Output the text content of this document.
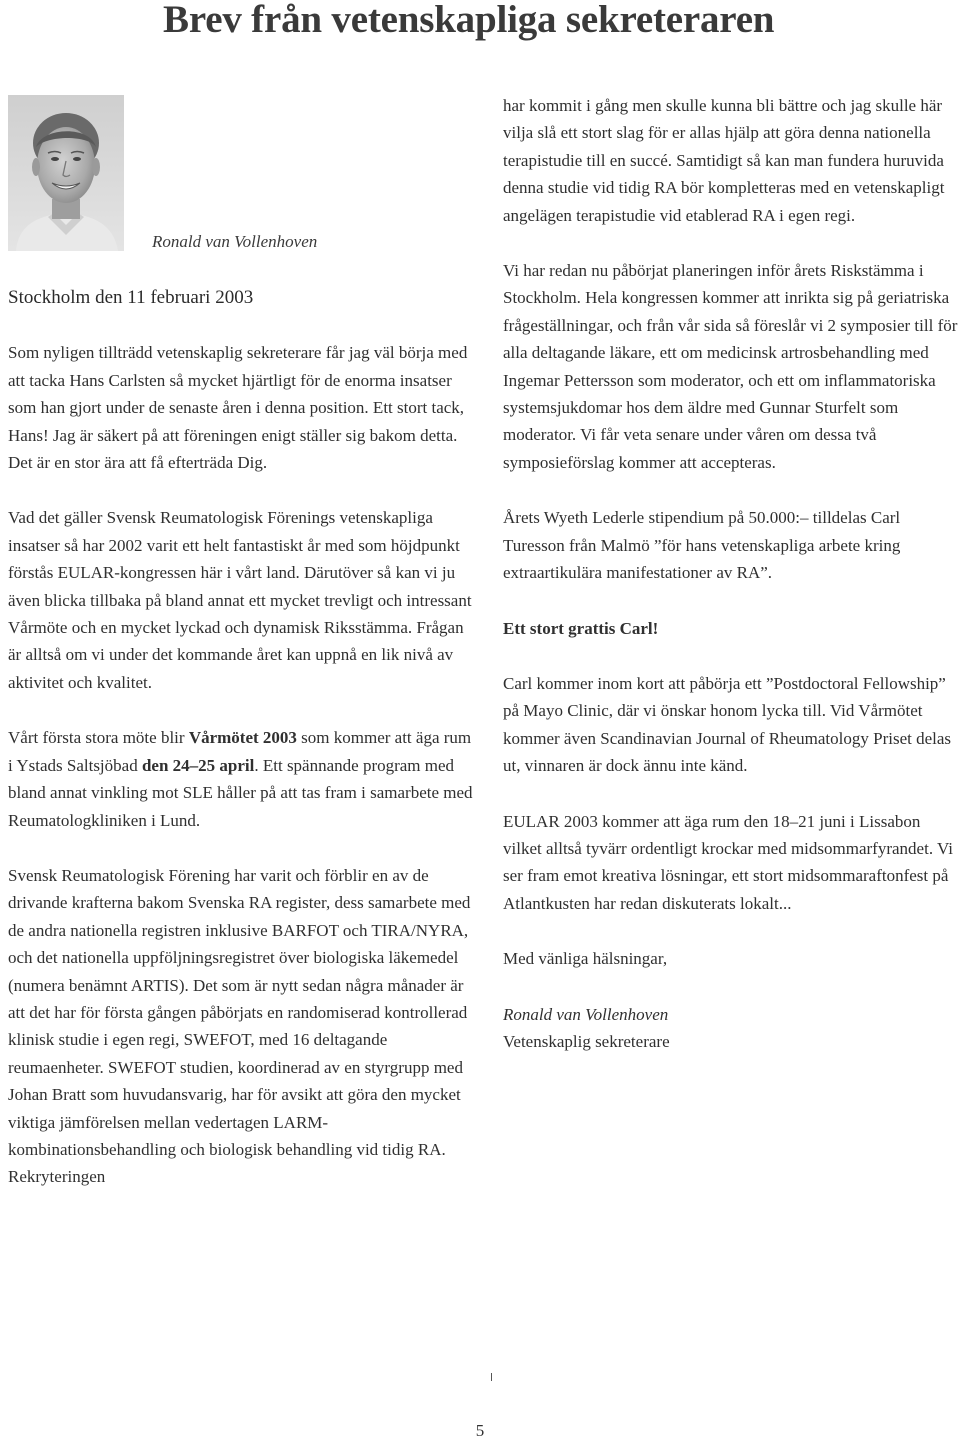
Brev från vetenskapliga sekreteraren
Ronald van Vollenhoven

Stockholm den 11 februari 2003

Som nyligen tillträdd vetenskaplig sekreterare får jag väl börja med att tacka Hans Carlsten så mycket hjärtligt för de enorma insatser som han gjort under de senaste åren i denna position. Ett stort tack, Hans! Jag är säkert på att föreningen enigt ställer sig bakom detta. Det är en stor ära att få efterträda Dig.

Vad det gäller Svensk Reumatologisk Förenings vetenskapliga insatser så har 2002 varit ett helt fantastiskt år med som höjdpunkt förstås EULAR-kongressen här i vårt land. Därutöver så kan vi ju även blicka tillbaka på bland annat ett mycket trevligt och intressant Vårmöte och en mycket lyckad och dynamisk Riksstämma. Frågan är alltså om vi under det kommande året kan uppnå en lik nivå av aktivitet och kvalitet.

Vårt första stora möte blir Vårmötet 2003 som kommer att äga rum i Ystads Saltsjöbad den 24–25 april. Ett spännande program med bland annat vinkling mot SLE håller på att tas fram i samarbete med Reumatologkliniken i Lund.

Svensk Reumatologisk Förening har varit och förblir en av de drivande krafterna bakom Svenska RA register, dess samarbete med de andra nationella registren inklusive BARFOT och TIRA/NYRA, och det nationella uppföljningsregistret över biologiska läkemedel (numera benämnt ARTIS). Det som är nytt sedan några månader är att det har för första gången påbörjats en randomiserad kontrollerad klinisk studie i egen regi, SWEFOT, med 16 deltagande reumaenheter. SWEFOT studien, koordinerad av en styrgrupp med Johan Bratt som huvudansvarig, har för avsikt att göra den mycket viktiga jämförelsen mellan vedertagen LARM-kombinationsbehandling och biologisk behandling vid tidig RA. Rekryteringen

har kommit i gång men skulle kunna bli bättre och jag skulle här vilja slå ett stort slag för er allas hjälp att göra denna nationella terapistudie till en succé. Samtidigt så kan man fundera huruvida denna studie vid tidig RA bör kompletteras med en vetenskapligt angelägen terapistudie vid etablerad RA i egen regi.

Vi har redan nu påbörjat planeringen inför årets Riskstämma i Stockholm. Hela kongressen kommer att inrikta sig på geriatriska frågeställningar, och från vår sida så föreslår vi 2 symposier till för alla deltagande läkare, ett om medicinsk artrosbehandling med Ingemar Pettersson som moderator, och ett om inflammatoriska systemsjukdomar hos dem äldre med Gunnar Sturfelt som moderator. Vi får veta senare under våren om dessa två symposieförslag kommer att accepteras.

Årets Wyeth Lederle stipendium på 50.000:– tilldelas Carl Turesson från Malmö ”för hans vetenskapliga arbete kring extraartikulära manifestationer av RA”.

Ett stort grattis Carl!

Carl kommer inom kort att påbörja ett ”Postdoctoral Fellowship” på Mayo Clinic, där vi önskar honom lycka till. Vid Vårmötet kommer även Scandinavian Journal of Rheumatology Priset delas ut, vinnaren är dock ännu inte känd.

EULAR 2003 kommer att äga rum den 18–21 juni i Lissabon vilket alltså tyvärr ordentligt krockar med midsommarfyrandet. Vi ser fram emot kreativa lösningar, ett stort midsommaraftonfest på Atlantkusten har redan diskuterats lokalt...

Med vänliga hälsningar,

Ronald van Vollenhoven

Vetenskaplig sekreterare

5
